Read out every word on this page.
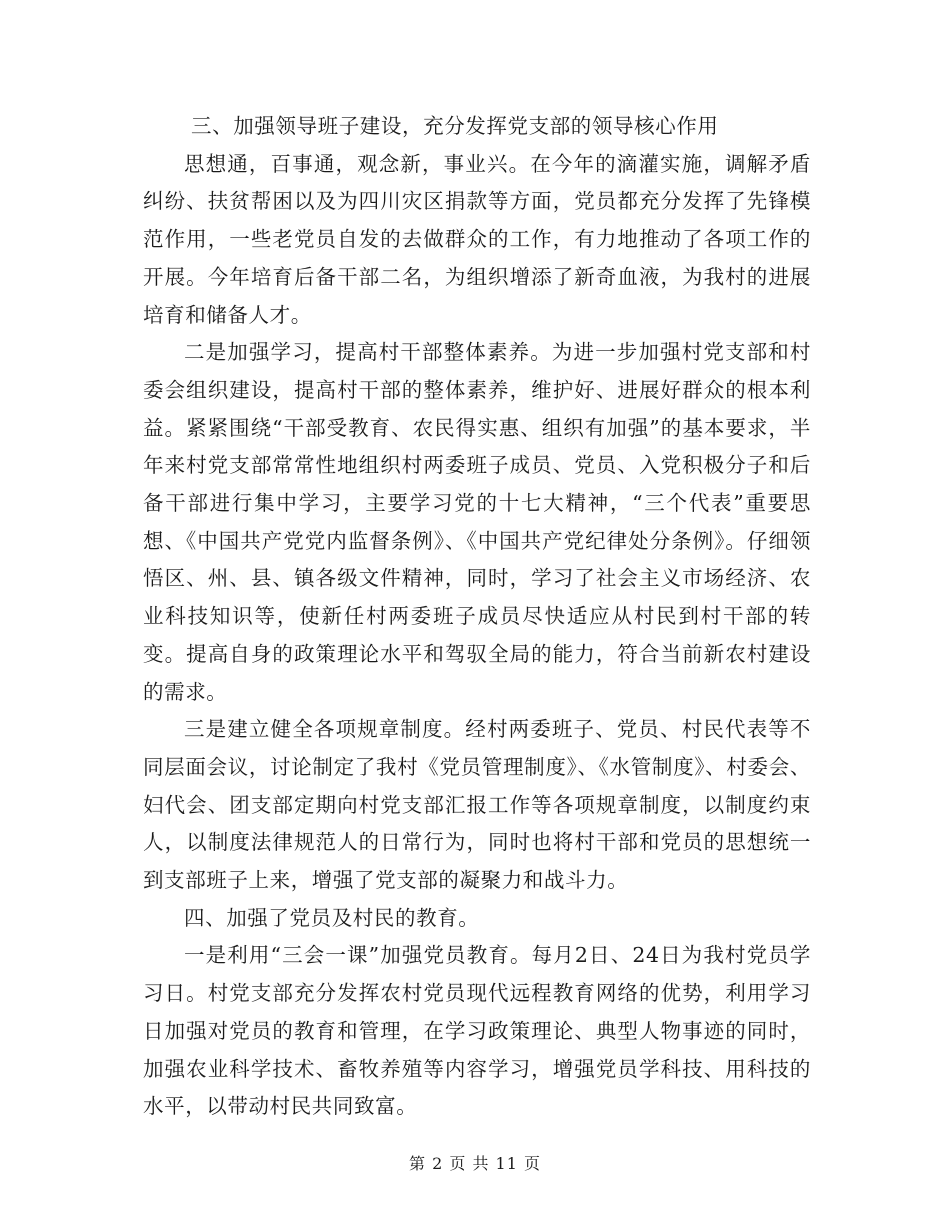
三、加强领导班子建设，充分发挥党支部的领导核心作用

思想通，百事通，观念新，事业兴。在今年的滴灌实施，调解矛盾纠纷、扶贫帮困以及为四川灾区捐款等方面，党员都充分发挥了先锋模范作用，一些老党员自发的去做群众的工作，有力地推动了各项工作的开展。今年培育后备干部二名，为组织增添了新奇血液，为我村的进展培育和储备人才。

二是加强学习，提高村干部整体素养。为进一步加强村党支部和村委会组织建设，提高村干部的整体素养，维护好、进展好群众的根本利益。紧紧围绕“干部受教育、农民得实惠、组织有加强”的基本要求，半年来村党支部常常性地组织村两委班子成员、党员、入党积极分子和后备干部进行集中学习，主要学习党的十七大精神，“三个代表”重要思想、《中国共产党党内监督条例》、《中国共产党纪律处分条例》。仔细领悟区、州、县、镇各级文件精神，同时，学习了社会主义市场经济、农业科技知识等，使新任村两委班子成员尽快适应从村民到村干部的转变。提高自身的政策理论水平和驾驭全局的能力，符合当前新农村建设的需求。

三是建立健全各项规章制度。经村两委班子、党员、村民代表等不同层面会议，讨论制定了我村《党员管理制度》、《水管制度》、村委会、妇代会、团支部定期向村党支部汇报工作等各项规章制度，以制度约束人，以制度法律规范人的日常行为，同时也将村干部和党员的思想统一到支部班子上来，增强了党支部的凝聚力和战斗力。

四、加强了党员及村民的教育。

一是利用“三会一课”加强党员教育。每月2日、24日为我村党员学习日。村党支部充分发挥农村党员现代远程教育网络的优势，利用学习日加强对党员的教育和管理，在学习政策理论、典型人物事迹的同时，加强农业科学技术、畜牧养殖等内容学习，增强党员学科技、用科技的水平，以带动村民共同致富。

第 2 页 共 11 页
